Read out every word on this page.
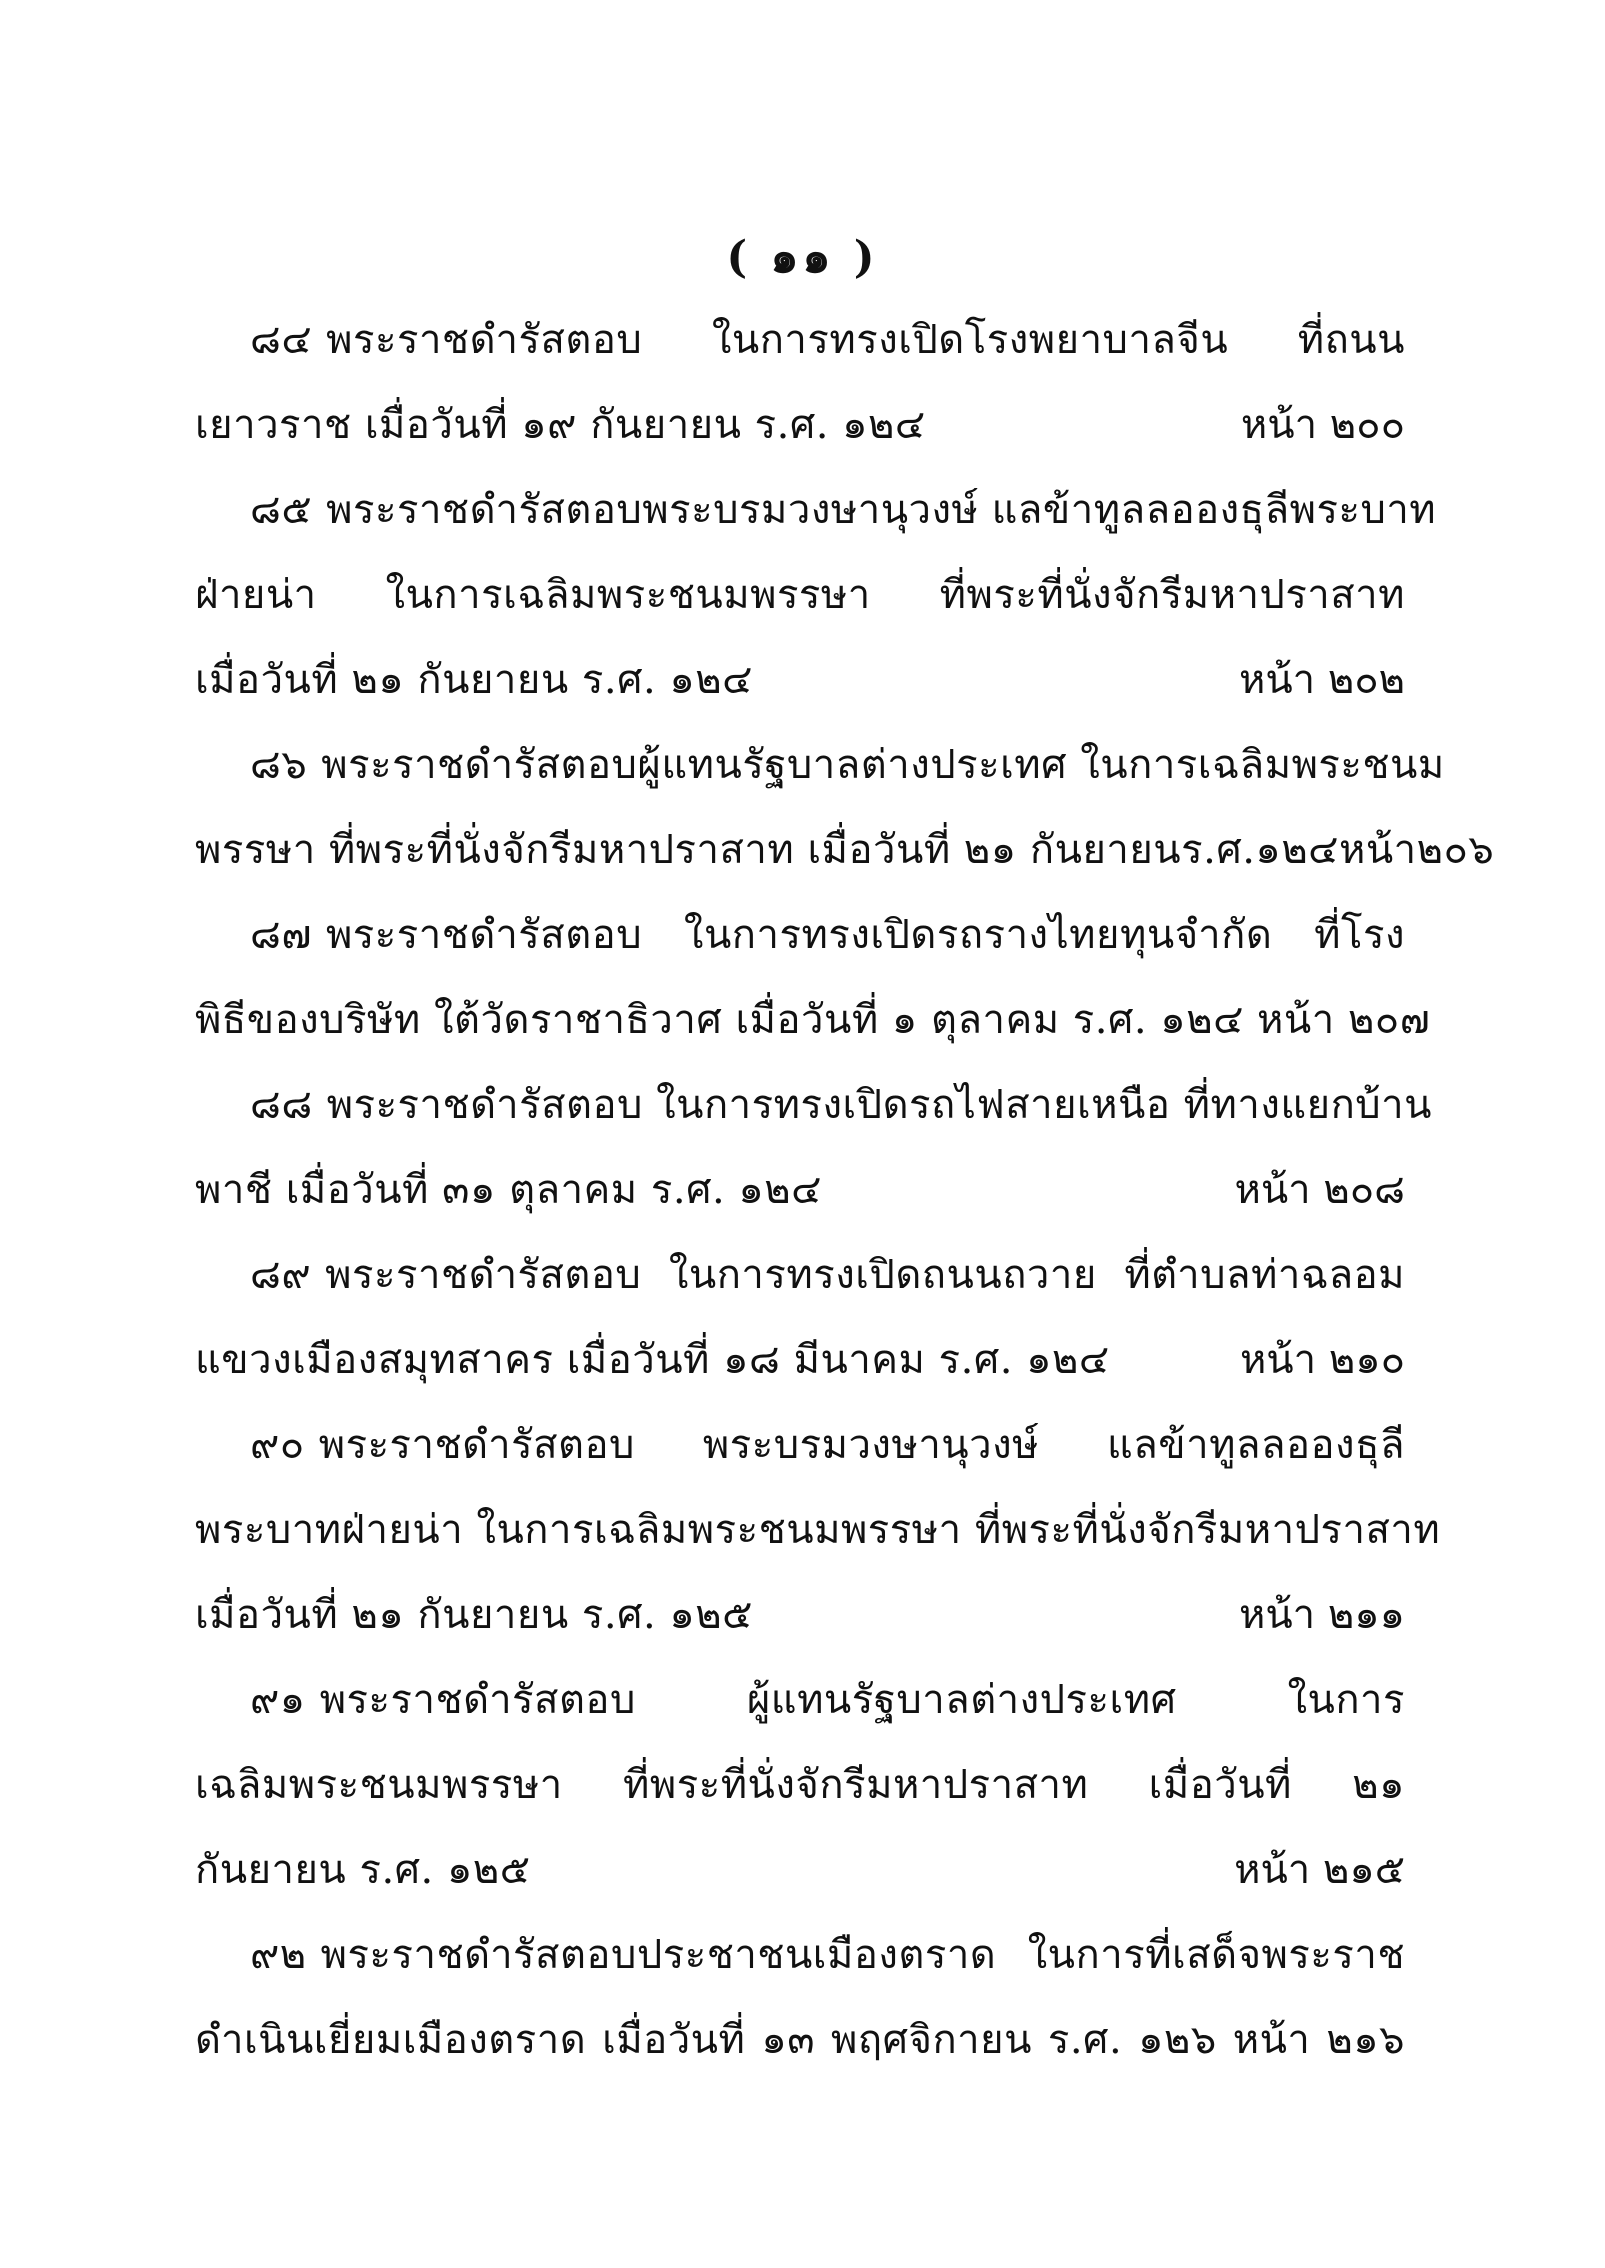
( ๑๑ )
๘๔ พระราชดำรัสตอบ ในการทรงเปิดโรงพยาบาลจีน ที่ถนน
เยาวราช เมื่อวันที่ ๑๙ กันยายน ร.ศ. ๑๒๔	หน้า ๒๐๐
๘๕ พระราชดำรัสตอบพระบรมวงษานุวงษ์ แลข้าทูลลอองธุลีพระบาท
ฝ่ายน่า ในการเฉลิมพระชนมพรรษา ที่พระที่นั่งจักรีมหาปราสาท
เมื่อวันที่ ๒๑ กันยายน ร.ศ. ๑๒๔	หน้า ๒๐๒
๘๖ พระราชดำรัสตอบผู้แทนรัฐบาลต่างประเทศ ในการเฉลิมพระชนม
พรรษา ที่พระที่นั่งจักรีมหาปราสาท เมื่อวันที่ ๒๑ กันยายนร.ศ.๑๒๔หน้า๒๐๖
๘๗ พระราชดำรัสตอบ ในการทรงเปิดรถรางไทยทุนจำกัด ที่โรง
พิธีของบริษัท ใต้วัดราชาธิวาศ เมื่อวันที่ ๑ ตุลาคม ร.ศ. ๑๒๔ หน้า ๒๐๗
๘๘ พระราชดำรัสตอบ ในการทรงเปิดรถไฟสายเหนือ ที่ทางแยกบ้าน
พาชี เมื่อวันที่ ๓๑ ตุลาคม ร.ศ. ๑๒๔	หน้า ๒๐๘
๘๙ พระราชดำรัสตอบ ในการทรงเปิดถนนถวาย ที่ตำบลท่าฉลอม
แขวงเมืองสมุทสาคร เมื่อวันที่ ๑๘ มีนาคม ร.ศ. ๑๒๔	หน้า ๒๑๐
๙๐ พระราชดำรัสตอบ พระบรมวงษานุวงษ์ แลข้าทูลลอองธุลี
พระบาทฝ่ายน่า ในการเฉลิมพระชนมพรรษา ที่พระที่นั่งจักรีมหาปราสาท
เมื่อวันที่ ๒๑ กันยายน ร.ศ. ๑๒๕	หน้า ๒๑๑
๙๑ พระราชดำรัสตอบ ผู้แทนรัฐบาลต่างประเทศ ในการ
เฉลิมพระชนมพรรษา ที่พระที่นั่งจักรีมหาปราสาท เมื่อวันที่ ๒๑
กันยายน ร.ศ. ๑๒๕	หน้า ๒๑๕
๙๒ พระราชดำรัสตอบประชาชนเมืองตราด ในการที่เสด็จพระราช
ดำเนินเยี่ยมเมืองตราด เมื่อวันที่ ๑๓ พฤศจิกายน ร.ศ. ๑๒๖ หน้า ๒๑๖
